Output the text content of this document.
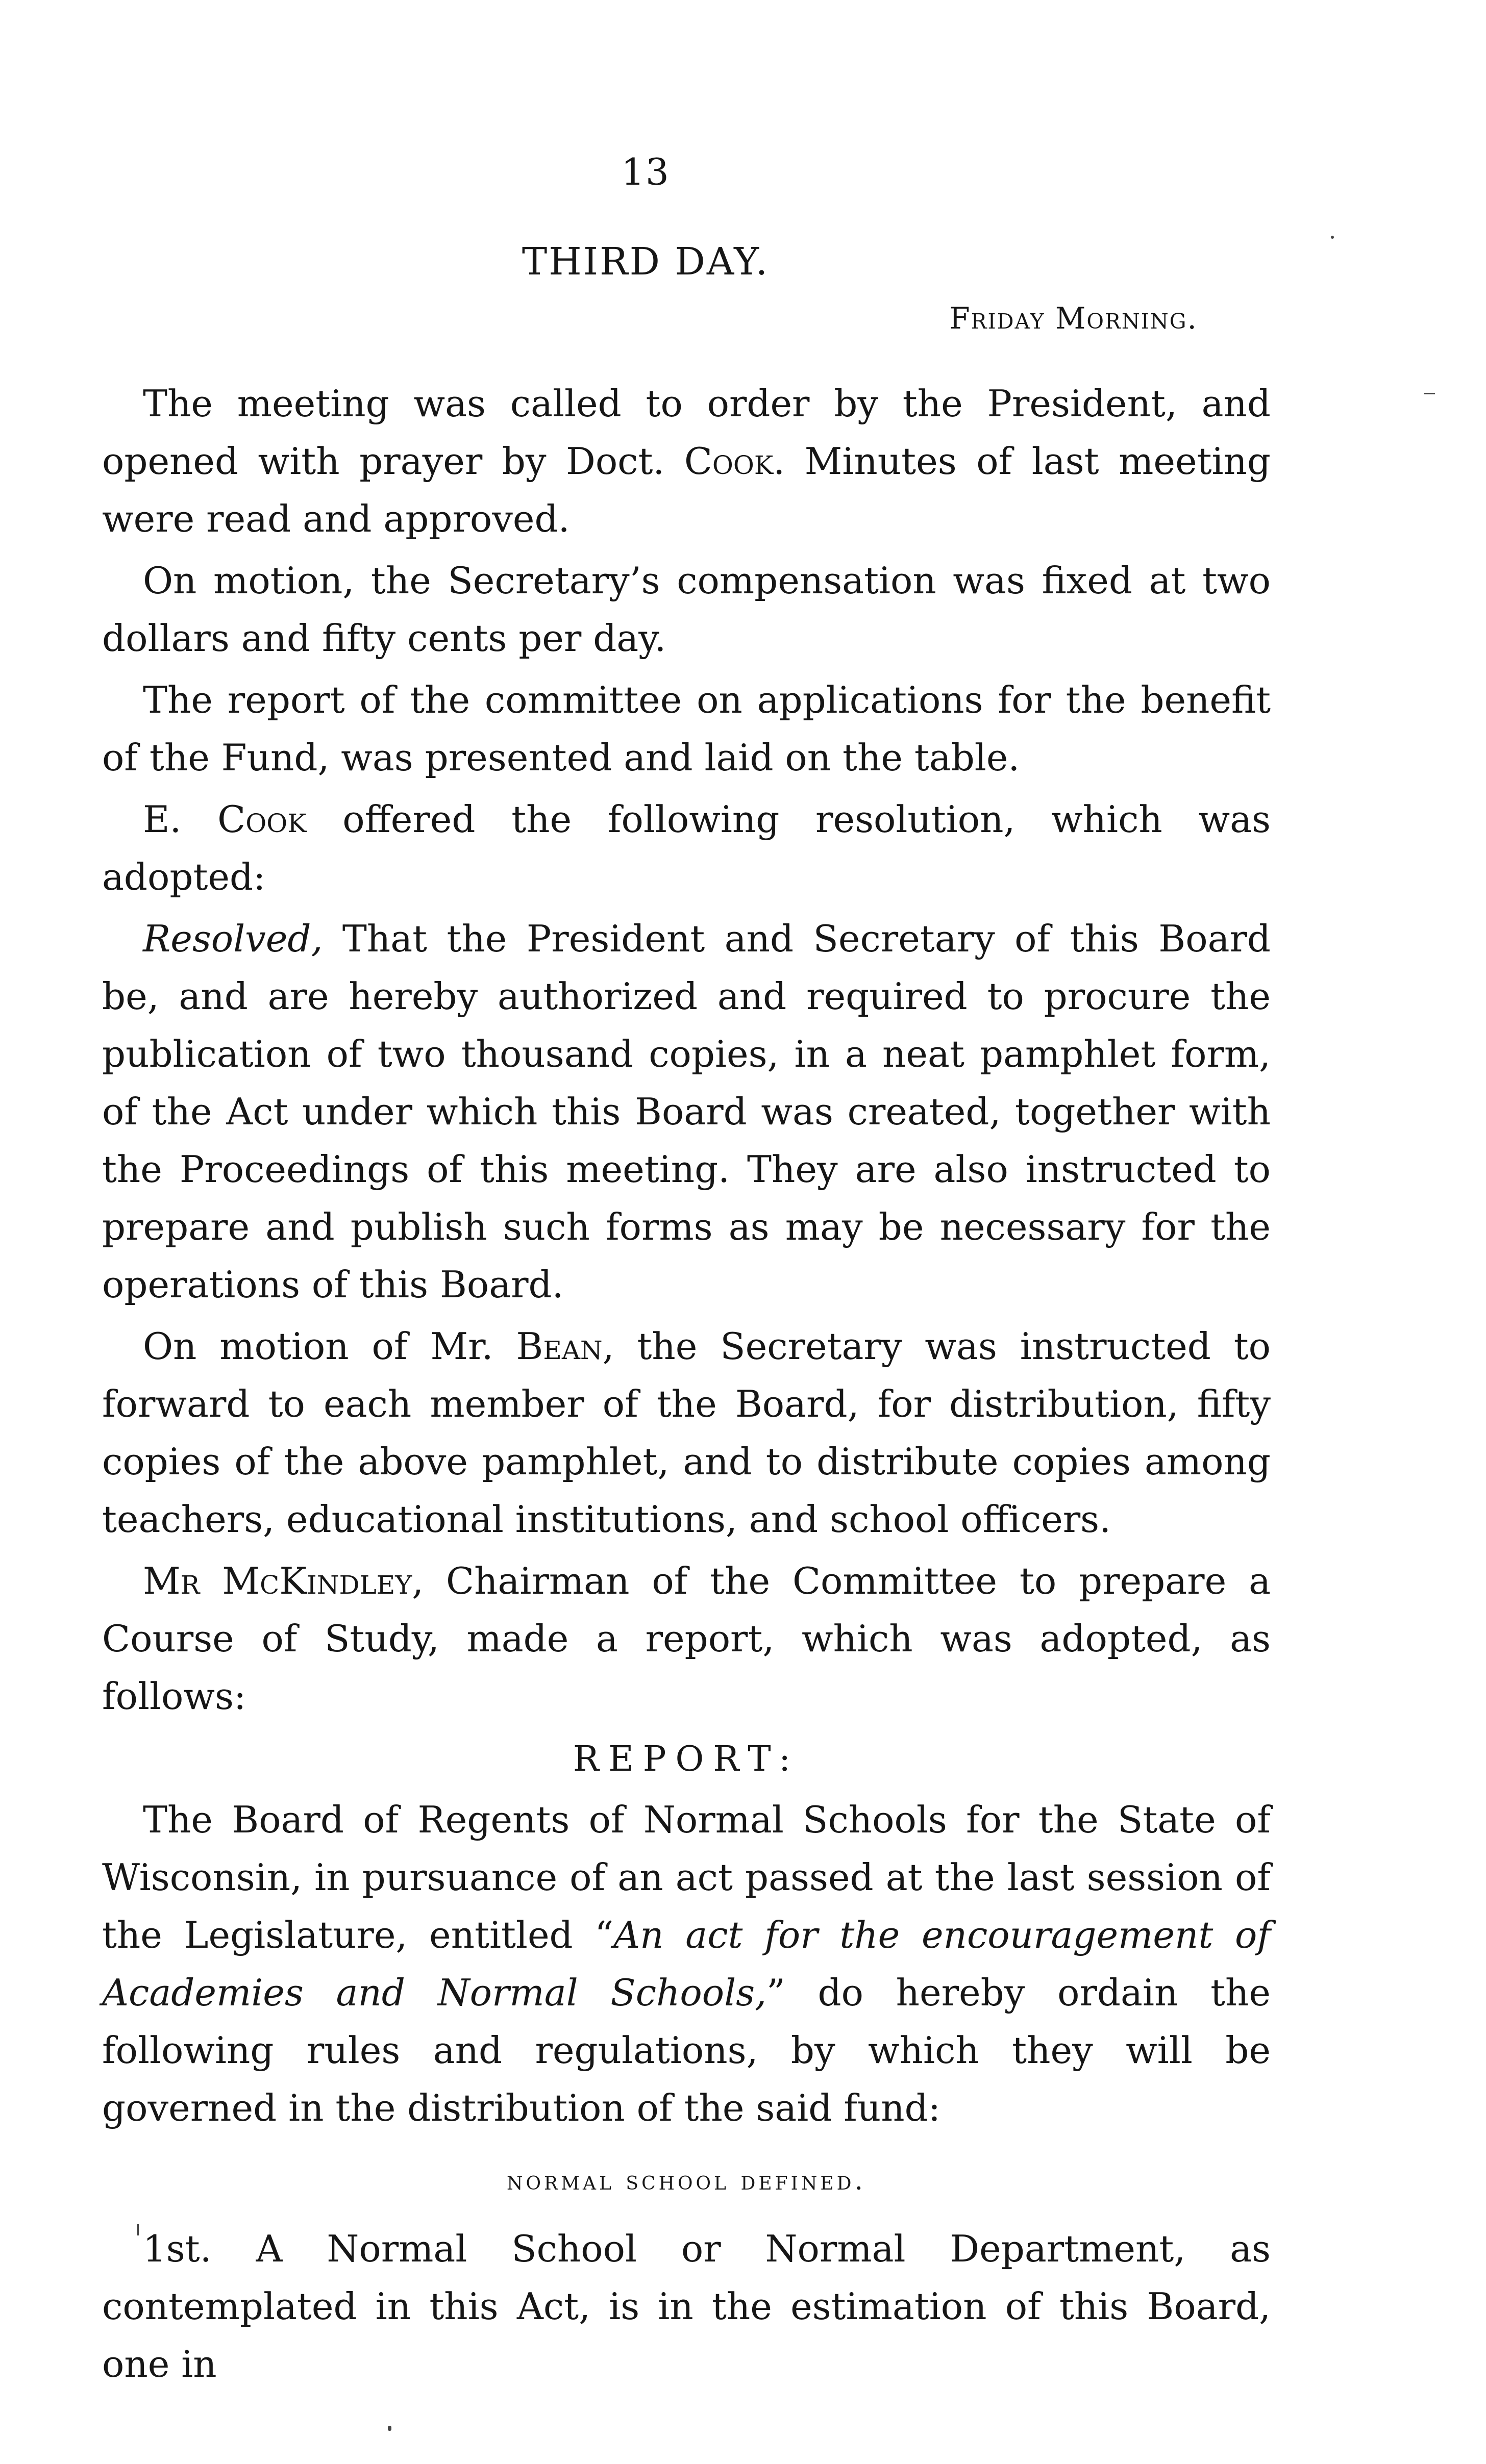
13
THIRD DAY.
Friday Morning.

The meeting was called to order by the President, and opened with prayer by Doct. Cook. Minutes of last meeting were read and approved.

On motion, the Secretary’s compensation was fixed at two dollars and fifty cents per day.

The report of the committee on applications for the benefit of the Fund, was presented and laid on the table.

E. Cook offered the following resolution, which was adopted:

Resolved, That the President and Secretary of this Board be, and are hereby authorized and required to procure the publication of two thousand copies, in a neat pamphlet form, of the Act under which this Board was created, together with the Proceedings of this meeting. They are also instructed to prepare and publish such forms as may be necessary for the operations of this Board.

On motion of Mr. Bean, the Secretary was instructed to forward to each member of the Board, for distribution, fifty copies of the above pamphlet, and to distribute copies among teachers, educational institutions, and school officers.

Mr McKindley, Chairman of the Committee to prepare a Course of Study, made a report, which was adopted, as follows:

REPORT:

The Board of Regents of Normal Schools for the State of Wisconsin, in pursuance of an act passed at the last session of the Legislature, entitled “An act for the encouragement of Academies and Normal Schools,” do hereby ordain the following rules and regulations, by which they will be governed in the distribution of the said fund:

normal school defined.

1st. A Normal School or Normal Department, as contemplated in this Act, is in the estimation of this Board, one in
